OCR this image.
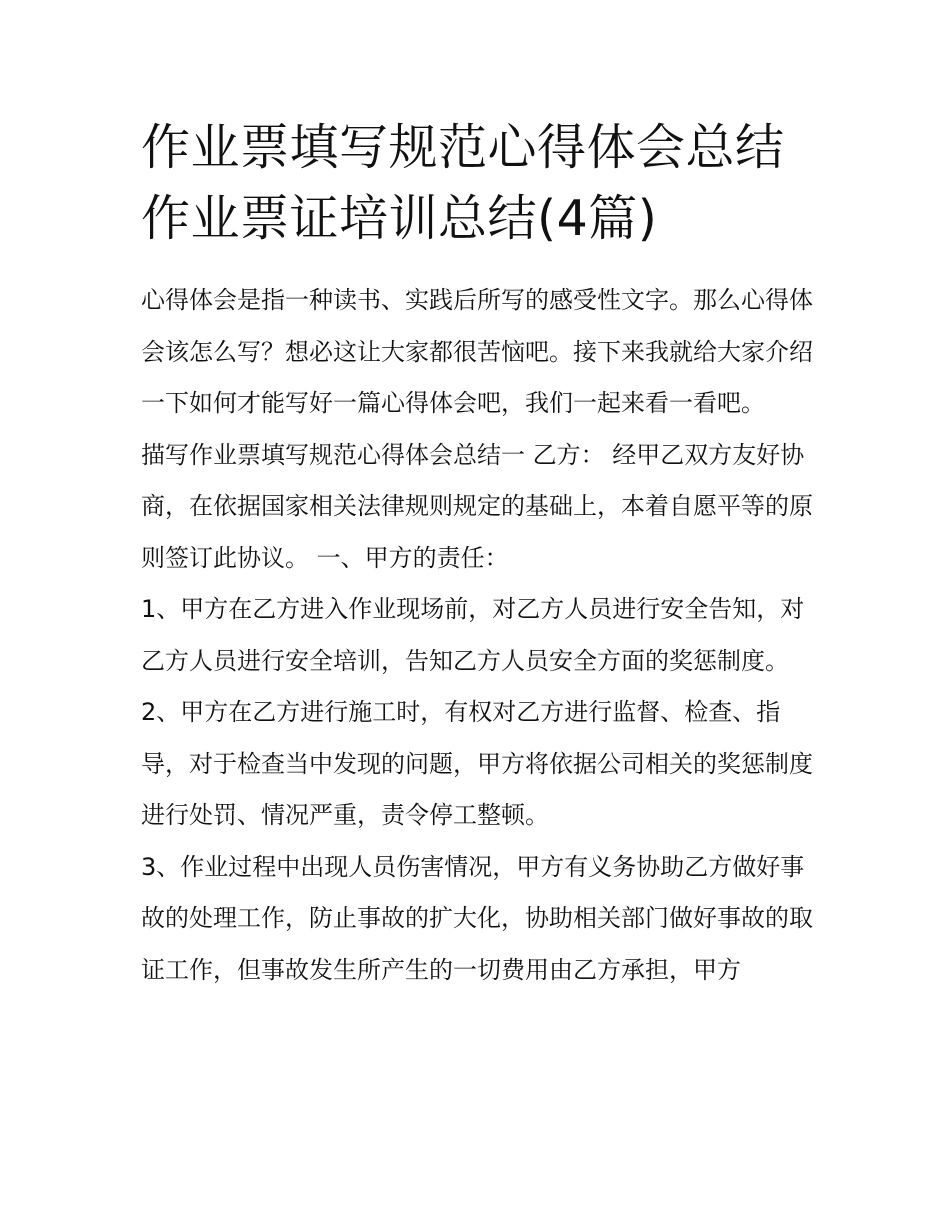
作业票填写规范心得体会总结
作业票证培训总结(4篇)

心得体会是指一种读书、实践后所写的感受性文字。那么心得体会该怎么写？想必这让大家都很苦恼吧。接下来我就给大家介绍一下如何才能写好一篇心得体会吧，我们一起来看一看吧。

描写作业票填写规范心得体会总结一 乙方： 经甲乙双方友好协商，在依据国家相关法律规则规定的基础上，本着自愿平等的原则签订此协议。 一、甲方的责任：

1、甲方在乙方进入作业现场前，对乙方人员进行安全告知，对乙方人员进行安全培训，告知乙方人员安全方面的奖惩制度。

2、甲方在乙方进行施工时，有权对乙方进行监督、检查、指导，对于检查当中发现的问题，甲方将依据公司相关的奖惩制度进行处罚、情况严重，责令停工整顿。

3、作业过程中出现人员伤害情况，甲方有义务协助乙方做好事故的处理工作，防止事故的扩大化，协助相关部门做好事故的取证工作，但事故发生所产生的一切费用由乙方承担，甲方
